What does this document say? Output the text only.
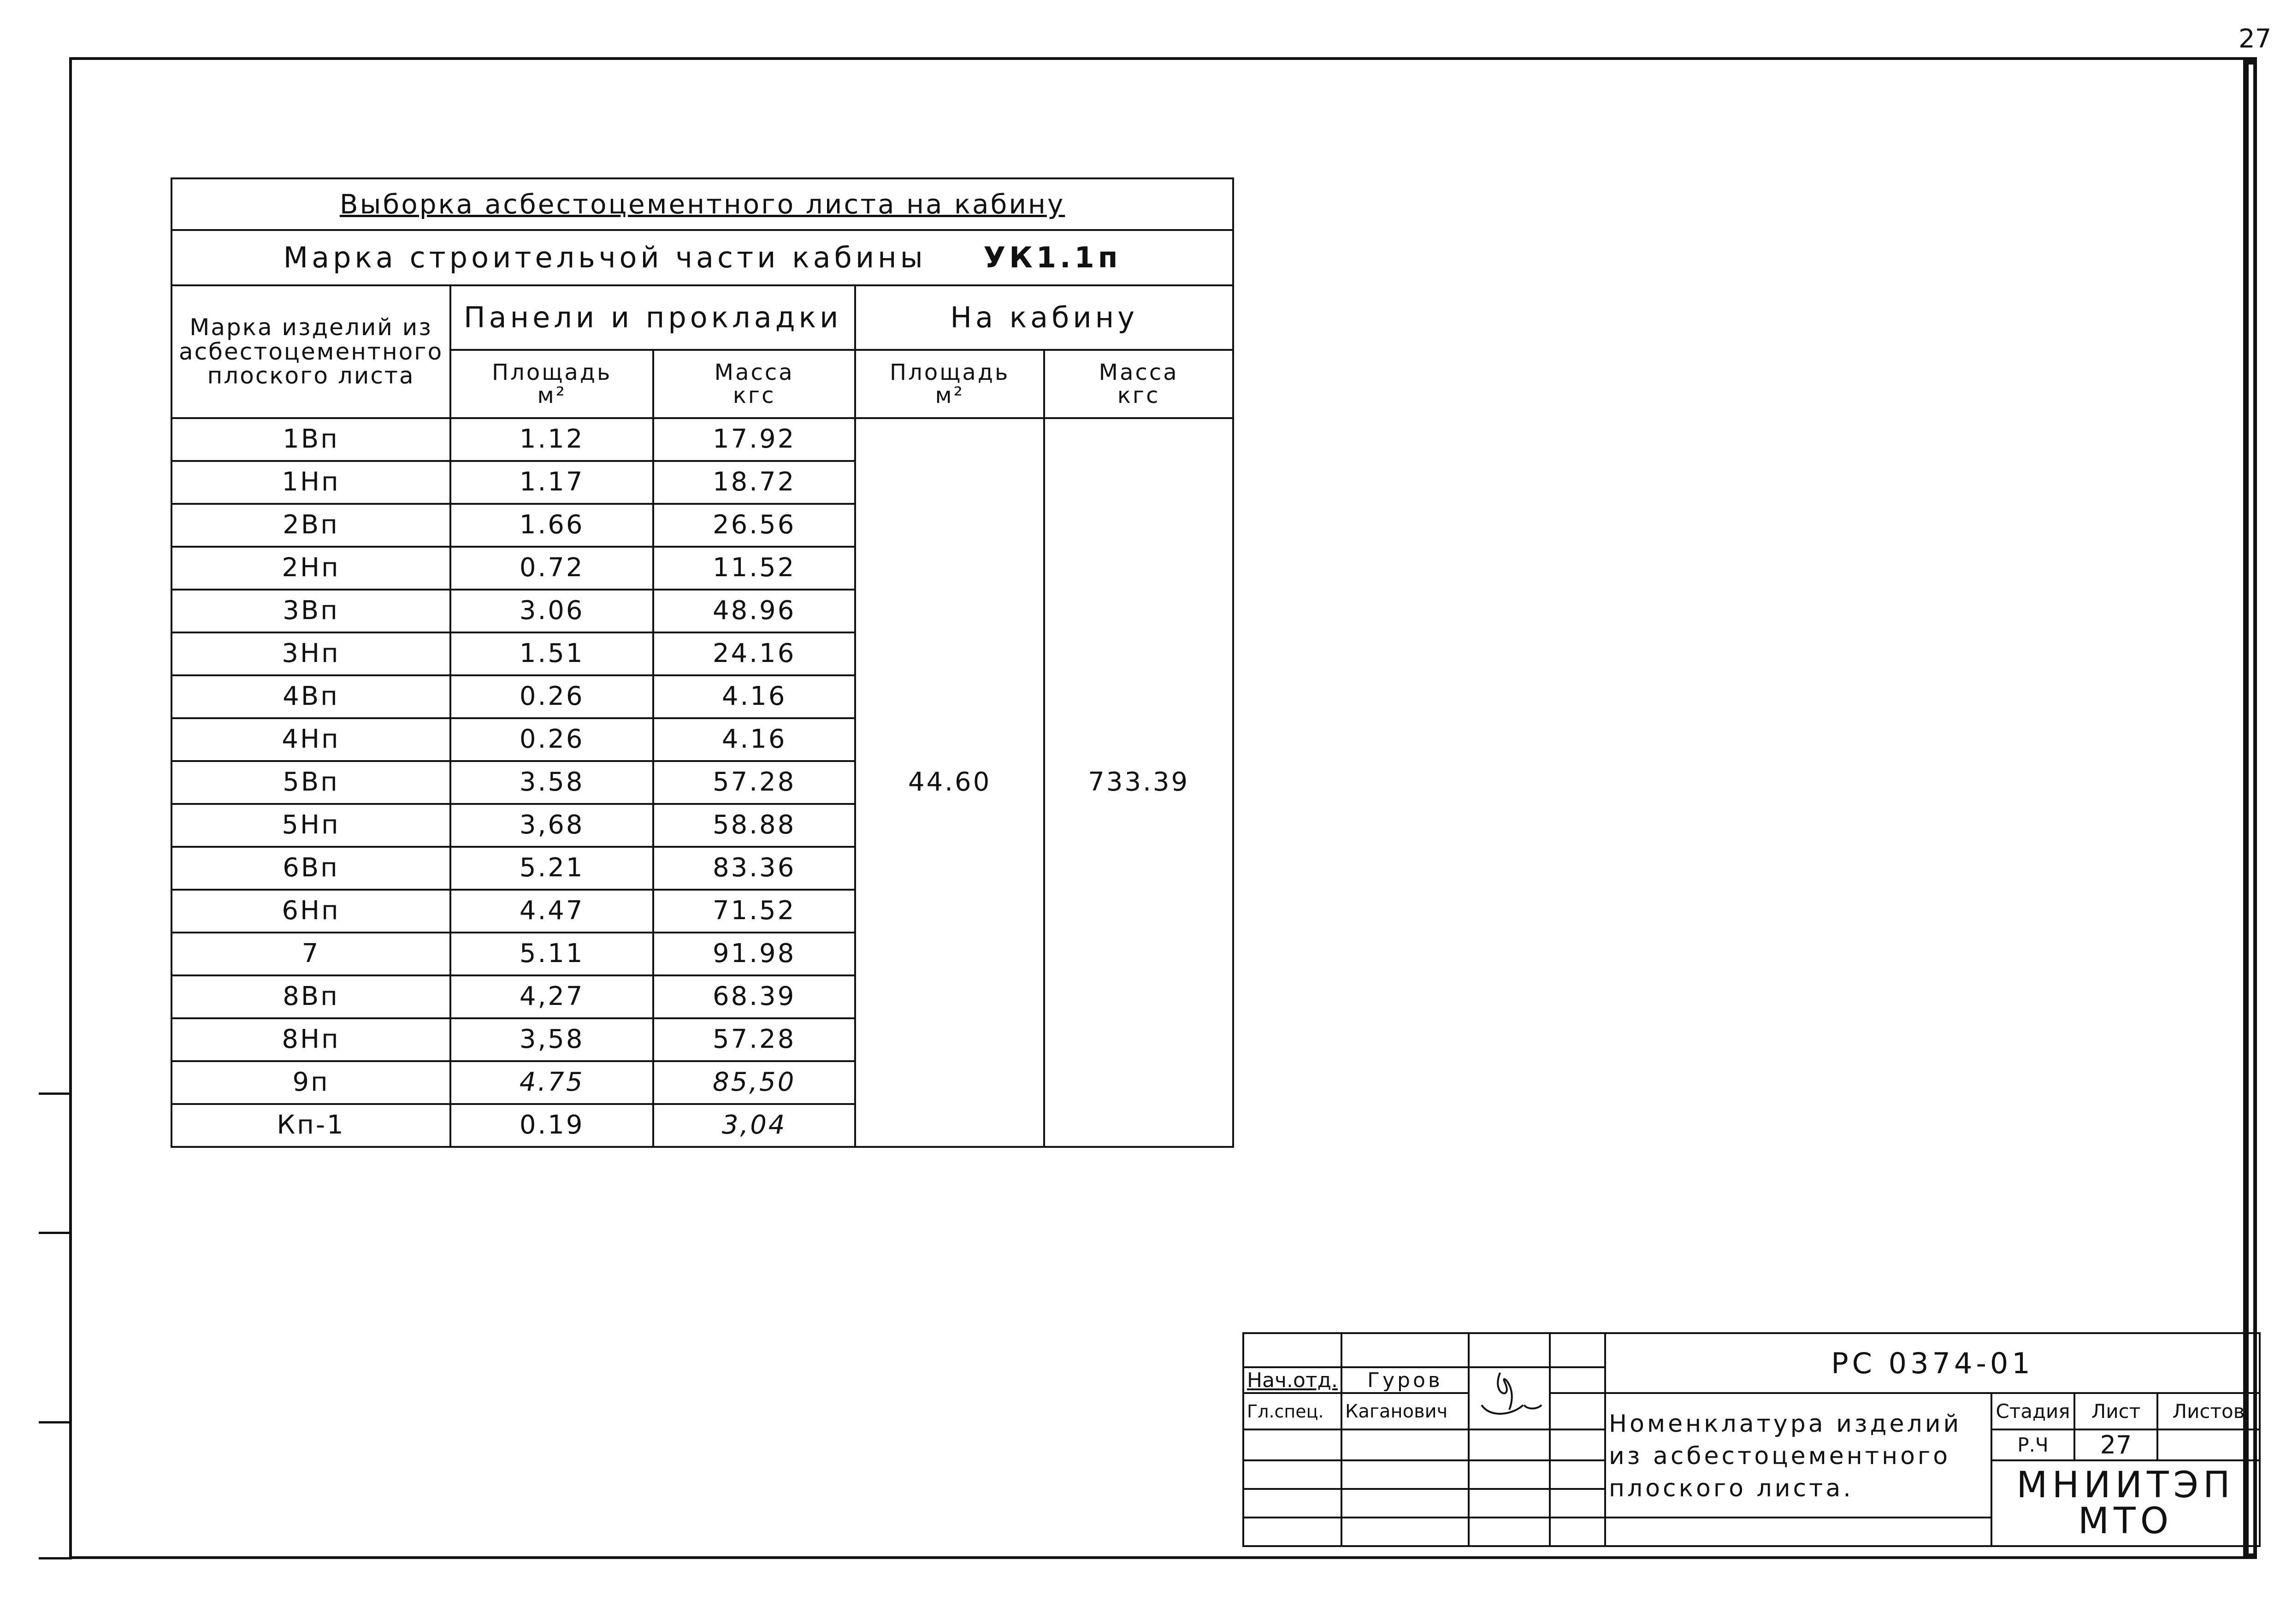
27
Выборка асбестоцементного листа на кабину				
Марка строительчой части кабины УК1.1п				
Марка изделий из асбестоцементного плоского листа	Панели и прокладки		На кабину	
	Площадь м²	Масса кгс	Площадь м²	Масса кгс
1Вп	1.12	17.92	44.60	733.39
1Нп	1.17	18.72		
2Вп	1.66	26.56		
2Нп	0.72	11.52		
3Вп	3.06	48.96		
3Нп	1.51	24.16		
4Вп	0.26	4.16		
4Нп	0.26	4.16		
5Вп	3.58	57.28		
5Нп	3,68	58.88		
6Вп	5.21	83.36		
6Нп	4.47	71.52		
7	5.11	91.98		
8Вп	4,27	68.39		
8Нп	3,58	57.28		
9п	4.75	85,50		
Кп-1	0.19	3,04		
				РС 0374-01			
Нач.отд.	Гуров		
Гл.спец.	Каганович			Номенклатура изделий из асбестоцементного плоского листа.	Стадия	Лист	Листов
					Р.Ч	27	

					МНИИТЭП
МТО		
